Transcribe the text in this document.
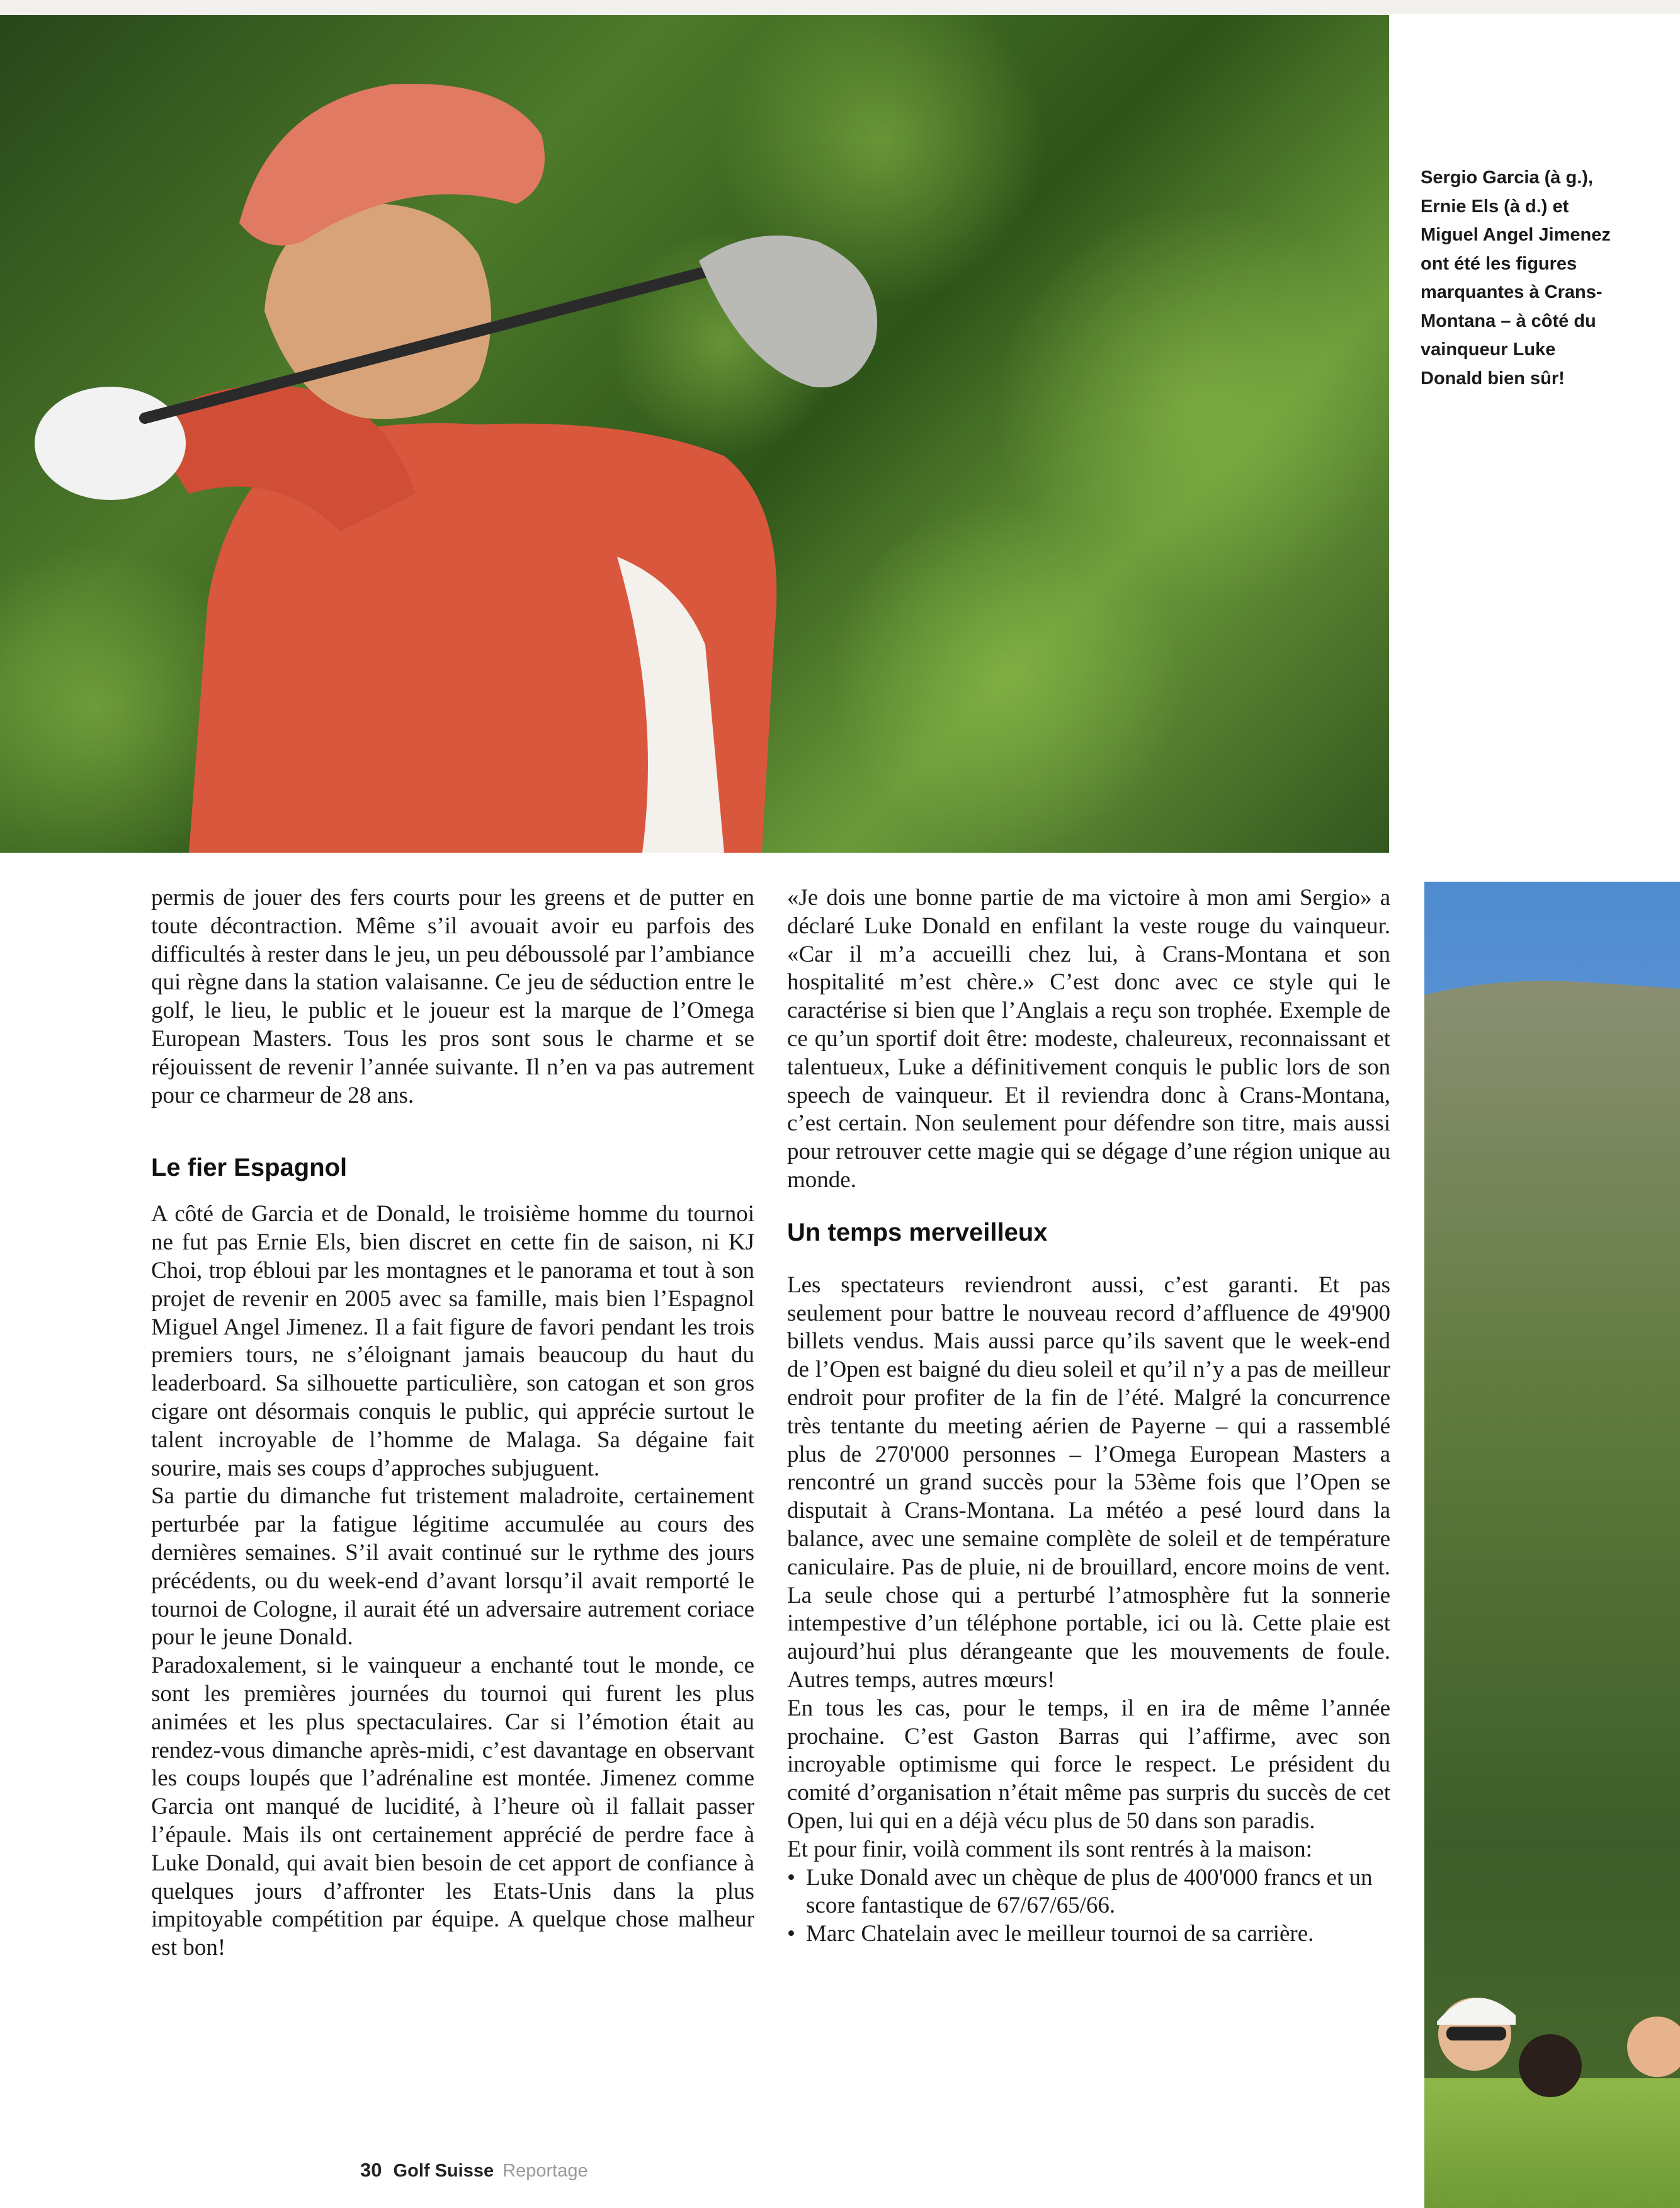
Sergio Garcia (à g.), Ernie Els (à d.) et Miguel Angel Jimenez ont été les figures marquantes à Crans-Montana – à côté du vainqueur Luke Donald bien sûr!

permis de jouer des fers courts pour les greens et de putter en toute décontraction. Même s’il avouait avoir eu parfois des difficultés à rester dans le jeu, un peu déboussolé par l’ambiance qui règne dans la station valaisanne. Ce jeu de séduction entre le golf, le lieu, le public et le joueur est la marque de l’Omega European Masters. Tous les pros sont sous le charme et se réjouissent de revenir l’année suivante. Il n’en va pas autrement pour ce charmeur de 28 ans.

Le fier Espagnol

A côté de Garcia et de Donald, le troisième homme du tournoi ne fut pas Ernie Els, bien discret en cette fin de saison, ni KJ Choi, trop ébloui par les montagnes et le panorama et tout à son projet de revenir en 2005 avec sa famille, mais bien l’Espagnol Miguel Angel Jimenez. Il a fait figure de favori pendant les trois premiers tours, ne s’éloignant jamais beaucoup du haut du leaderboard. Sa silhouette particulière, son catogan et son gros cigare ont désormais conquis le public, qui apprécie surtout le talent incroyable de l’homme de Malaga. Sa dégaine fait sourire, mais ses coups d’approches subjuguent.

Sa partie du dimanche fut tristement maladroite, certainement perturbée par la fatigue légitime accumulée au cours des dernières semaines. S’il avait continué sur le rythme des jours précédents, ou du week-end d’avant lorsqu’il avait remporté le tournoi de Cologne, il aurait été un adversaire autrement coriace pour le jeune Donald.

Paradoxalement, si le vainqueur a enchanté tout le monde, ce sont les premières journées du tournoi qui furent les plus animées et les plus spectaculaires. Car si l’émotion était au rendez-vous dimanche après-midi, c’est davantage en observant les coups loupés que l’adrénaline est montée. Jimenez comme Garcia ont manqué de lucidité, à l’heure où il fallait passer l’épaule. Mais ils ont certainement apprécié de perdre face à Luke Donald, qui avait bien besoin de cet apport de confiance à quelques jours d’affronter les Etats-Unis dans la plus impitoyable compétition par équipe. A quelque chose malheur est bon!

«Je dois une bonne partie de ma victoire à mon ami Sergio» a déclaré Luke Donald en enfilant la veste rouge du vainqueur. «Car il m’a accueilli chez lui, à Crans-Montana et son hospitalité m’est chère.» C’est donc avec ce style qui le caractérise si bien que l’Anglais a reçu son trophée. Exemple de ce qu’un sportif doit être: modeste, chaleureux, reconnaissant et talentueux, Luke a définitivement conquis le public lors de son speech de vainqueur. Et il reviendra donc à Crans-Montana, c’est certain. Non seulement pour défendre son titre, mais aussi pour retrouver cette magie qui se dégage d’une région unique au monde.

Un temps merveilleux

Les spectateurs reviendront aussi, c’est garanti. Et pas seulement pour battre le nouveau record d’affluence de 49'900 billets vendus. Mais aussi parce qu’ils savent que le week-end de l’Open est baigné du dieu soleil et qu’il n’y a pas de meilleur endroit pour profiter de la fin de l’été. Malgré la concurrence très tentante du meeting aérien de Payerne – qui a rassemblé plus de 270'000 personnes – l’Omega European Masters a rencontré un grand succès pour la 53ème fois que l’Open se disputait à Crans-Montana. La météo a pesé lourd dans la balance, avec une semaine complète de soleil et de température caniculaire. Pas de pluie, ni de brouillard, encore moins de vent. La seule chose qui a perturbé l’atmosphère fut la sonnerie intempestive d’un téléphone portable, ici ou là. Cette plaie est aujourd’hui plus dérangeante que les mouvements de foule. Autres temps, autres mœurs!

En tous les cas, pour le temps, il en ira de même l’année prochaine. C’est Gaston Barras qui l’affirme, avec son incroyable optimisme qui force le respect. Le président du comité d’organisation n’était même pas surpris du succès de cet Open, lui qui en a déjà vécu plus de 50 dans son paradis.

Et pour finir, voilà comment ils sont rentrés à la maison:

• Luke Donald avec un chèque de plus de 400'000 francs et un score fantastique de 67/67/65/66.
• Marc Chatelain avec le meilleur tournoi de sa carrière.
30 Golf Suisse Reportage
